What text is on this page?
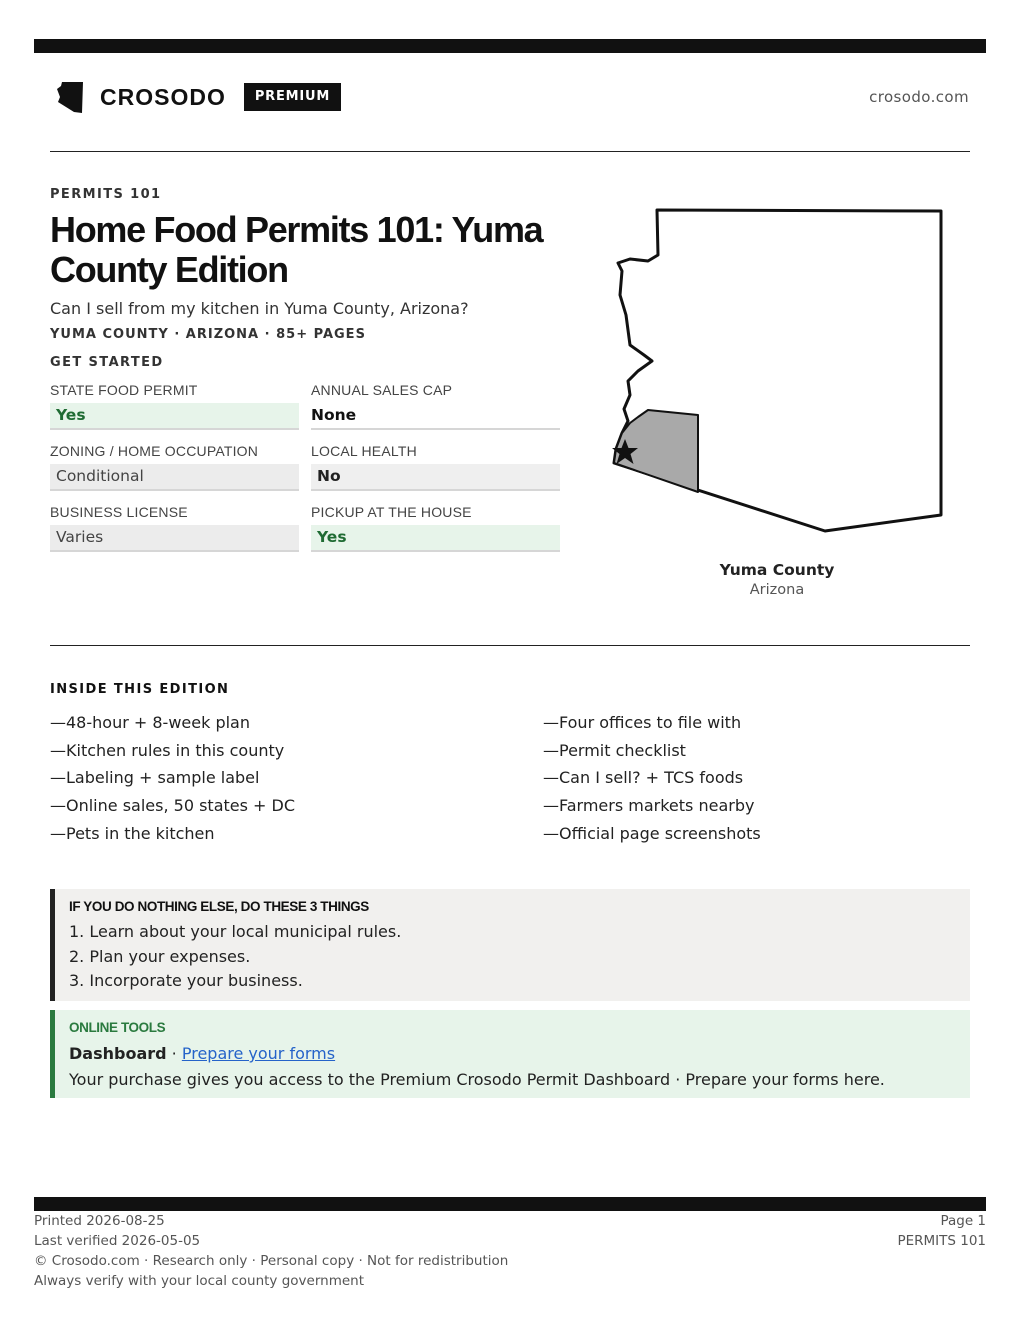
CROSODO	PREMIUM	crosodo.com
PERMITS 101
Home Food Permits 101: Yuma County Edition
Can I sell from my kitchen in Yuma County, Arizona?
YUMA COUNTY · ARIZONA · 85+ PAGES
GET STARTED
STATE FOOD PERMIT
Yes
ANNUAL SALES CAP
None
ZONING / HOME OCCUPATION
Conditional
LOCAL HEALTH
No
BUSINESS LICENSE
Varies
PICKUP AT THE HOUSE
Yes
Yuma County
Arizona
INSIDE THIS EDITION
—48-hour + 8-week plan
—Kitchen rules in this county
—Labeling + sample label
—Online sales, 50 states + DC
—Pets in the kitchen
—Four offices to file with
—Permit checklist
—Can I sell? + TCS foods
—Farmers markets nearby
—Official page screenshots
IF YOU DO NOTHING ELSE, DO THESE 3 THINGS
1. Learn about your local municipal rules.
2. Plan your expenses.
3. Incorporate your business.
ONLINE TOOLS
Dashboard · Prepare your forms
Your purchase gives you access to the Premium Crosodo Permit Dashboard · Prepare your forms here.
Printed 2026-08-25
Last verified 2026-05-05
© Crosodo.com · Research only · Personal copy · Not for redistribution
Always verify with your local county government
Page 1
PERMITS 101
